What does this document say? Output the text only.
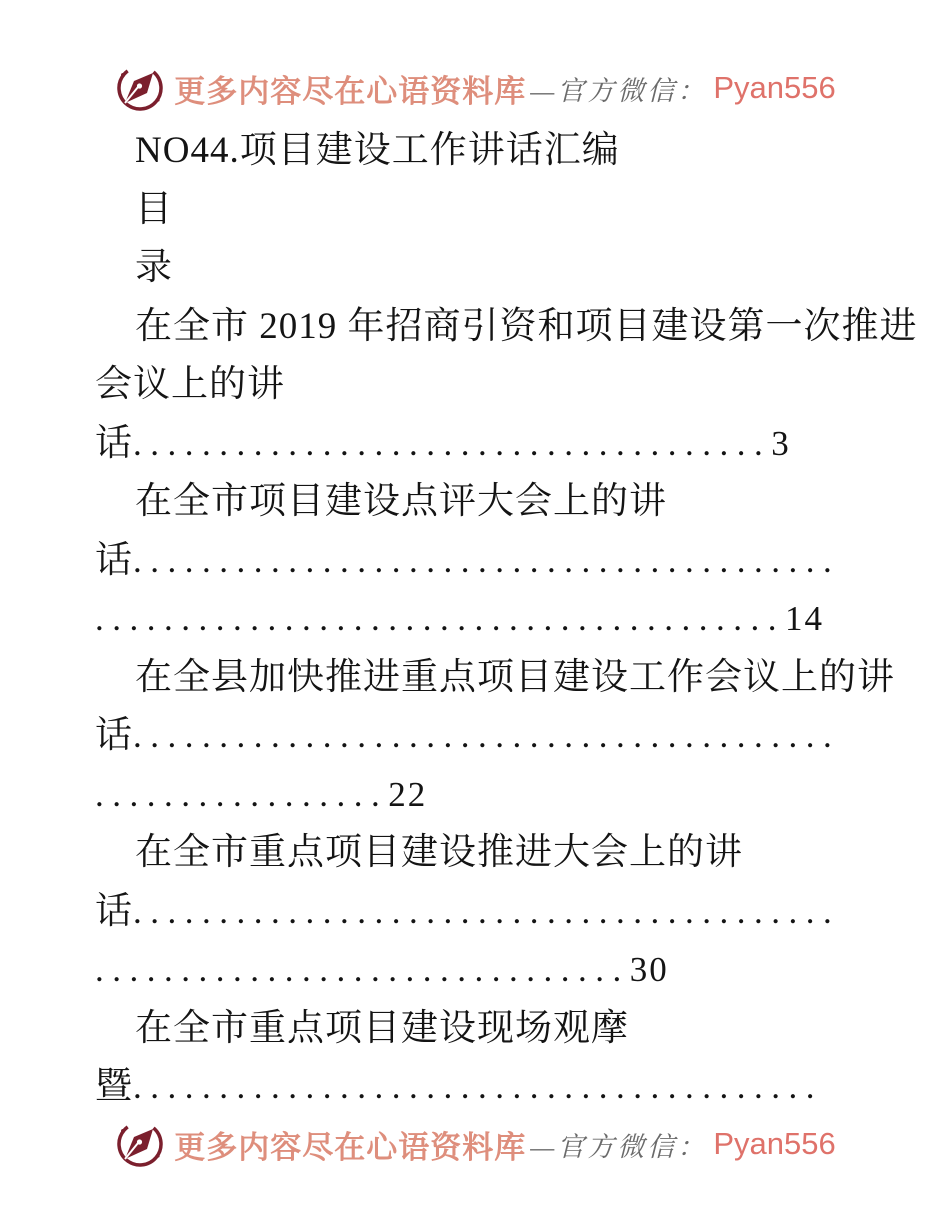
更多内容尽在心语资料库 —官方微信： Pyan556
NO44.项目建设工作讲话汇编
目
录
在全市 2019 年招商引资和项目建设第一次推进
会议上的讲
话.....................................3
在全市项目建设点评大会上的讲
话.........................................
........................................14
在全县加快推进重点项目建设工作会议上的讲
话.........................................
.................22
在全市重点项目建设推进大会上的讲
话.........................................
...............................30
在全市重点项目建设现场观摩
暨........................................
更多内容尽在心语资料库 —官方微信： Pyan556
